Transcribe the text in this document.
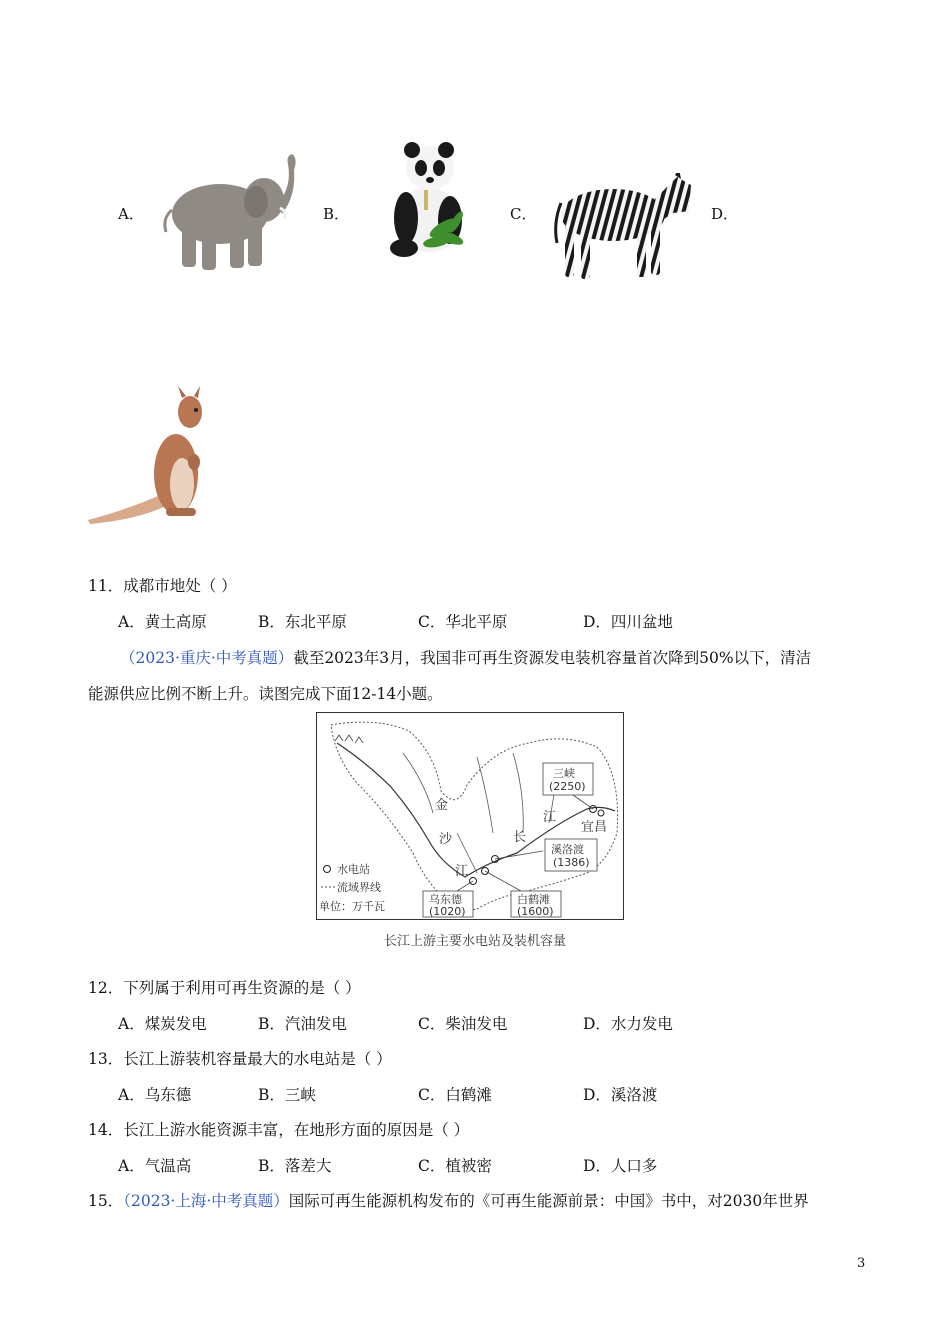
A．	B．	C．	D．
11．成都市地处（ ）
A．黄土高原	B．东北平原	C．华北平原	D．四川盆地
（2023·重庆·中考真题）截至2023年3月，我国非可再生资源发电装机容量首次降到50%以下，清洁
能源供应比例不断上升。读图完成下面12-14小题。
金
沙
江
长
江
三峡
(2250)
溪洛渡
(1386)
白鹤滩
(1600)
乌东德
(1020)
宜昌
水电站
流域界线
单位：万千瓦
长江上游主要水电站及装机容量
12．下列属于利用可再生资源的是（ ）
A．煤炭发电	B．汽油发电	C．柴油发电	D．水力发电
13．长江上游装机容量最大的水电站是（ ）
A．乌东德	B．三峡	C．白鹤滩	D．溪洛渡
14．长江上游水能资源丰富，在地形方面的原因是（ ）
A．气温高	B．落差大	C．植被密	D．人口多
15．（2023·上海·中考真题）国际可再生能源机构发布的《可再生能源前景：中国》书中，对2030年世界
3
